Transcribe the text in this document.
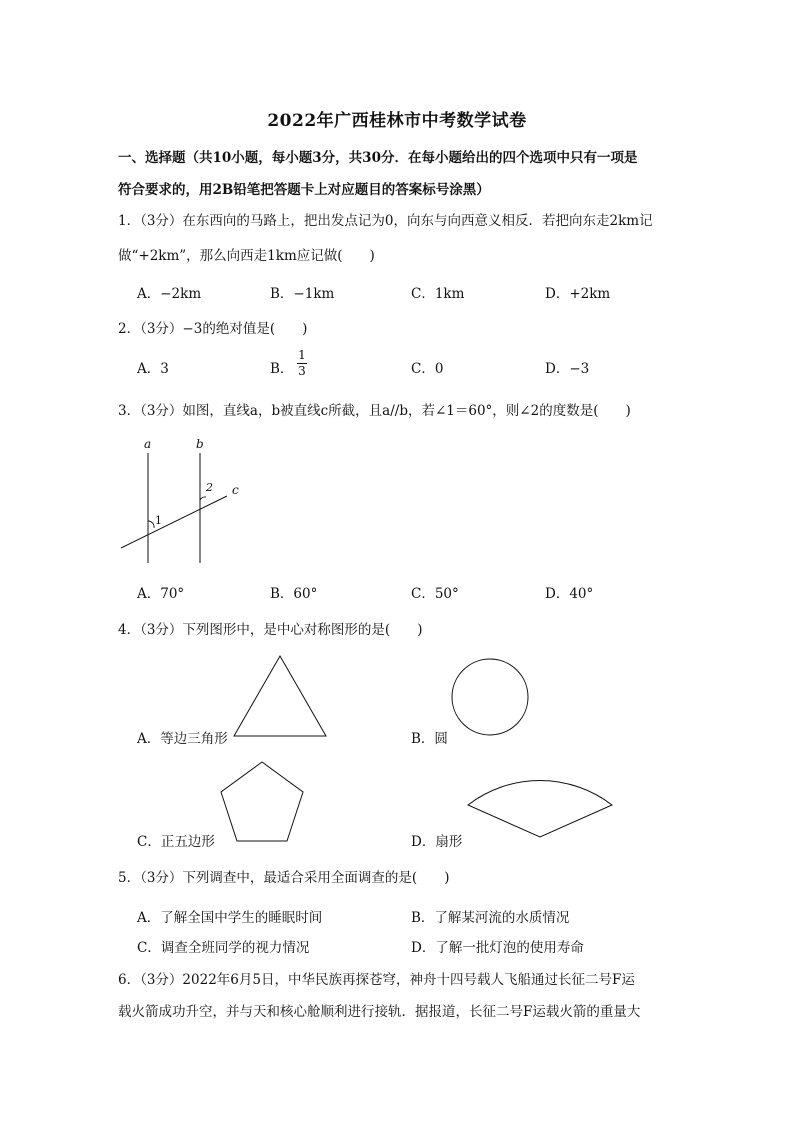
2022年广西桂林市中考数学试卷
一、选择题（共10小题，每小题3分，共30分．在每小题给出的四个选项中只有一项是
符合要求的，用2B铅笔把答题卡上对应题目的答案标号涂黑）
1．（3分）在东西向的马路上，把出发点记为0，向东与向西意义相反．若把向东走2km记
做“+2km”，那么向西走1km应记做(　　)
A．−2km	B．−1km	C．1km	D．+2km
2．（3分）−3的绝对值是(　　)
A．3	B．
1
3	C．0	D．−3
3．（3分）如图，直线a，b被直线c所截，且a//b，若∠1＝60°，则∠2的度数是(　　)
a	b
c
1
2
A．70°	B．60°	C．50°	D．40°
4．（3分）下列图形中，是中心对称图形的是(　　)
A．等边三角形	B．圆
C．正五边形	D．扇形
5．（3分）下列调查中，最适合采用全面调查的是(　　)
A．了解全国中学生的睡眠时间	B．了解某河流的水质情况
C．调查全班同学的视力情况	D．了解一批灯泡的使用寿命
6．（3分）2022年6月5日，中华民族再探苍穹，神舟十四号载人飞船通过长征二号F运
载火箭成功升空，并与天和核心舱顺利进行接轨．据报道，长征二号F运载火箭的重量大
